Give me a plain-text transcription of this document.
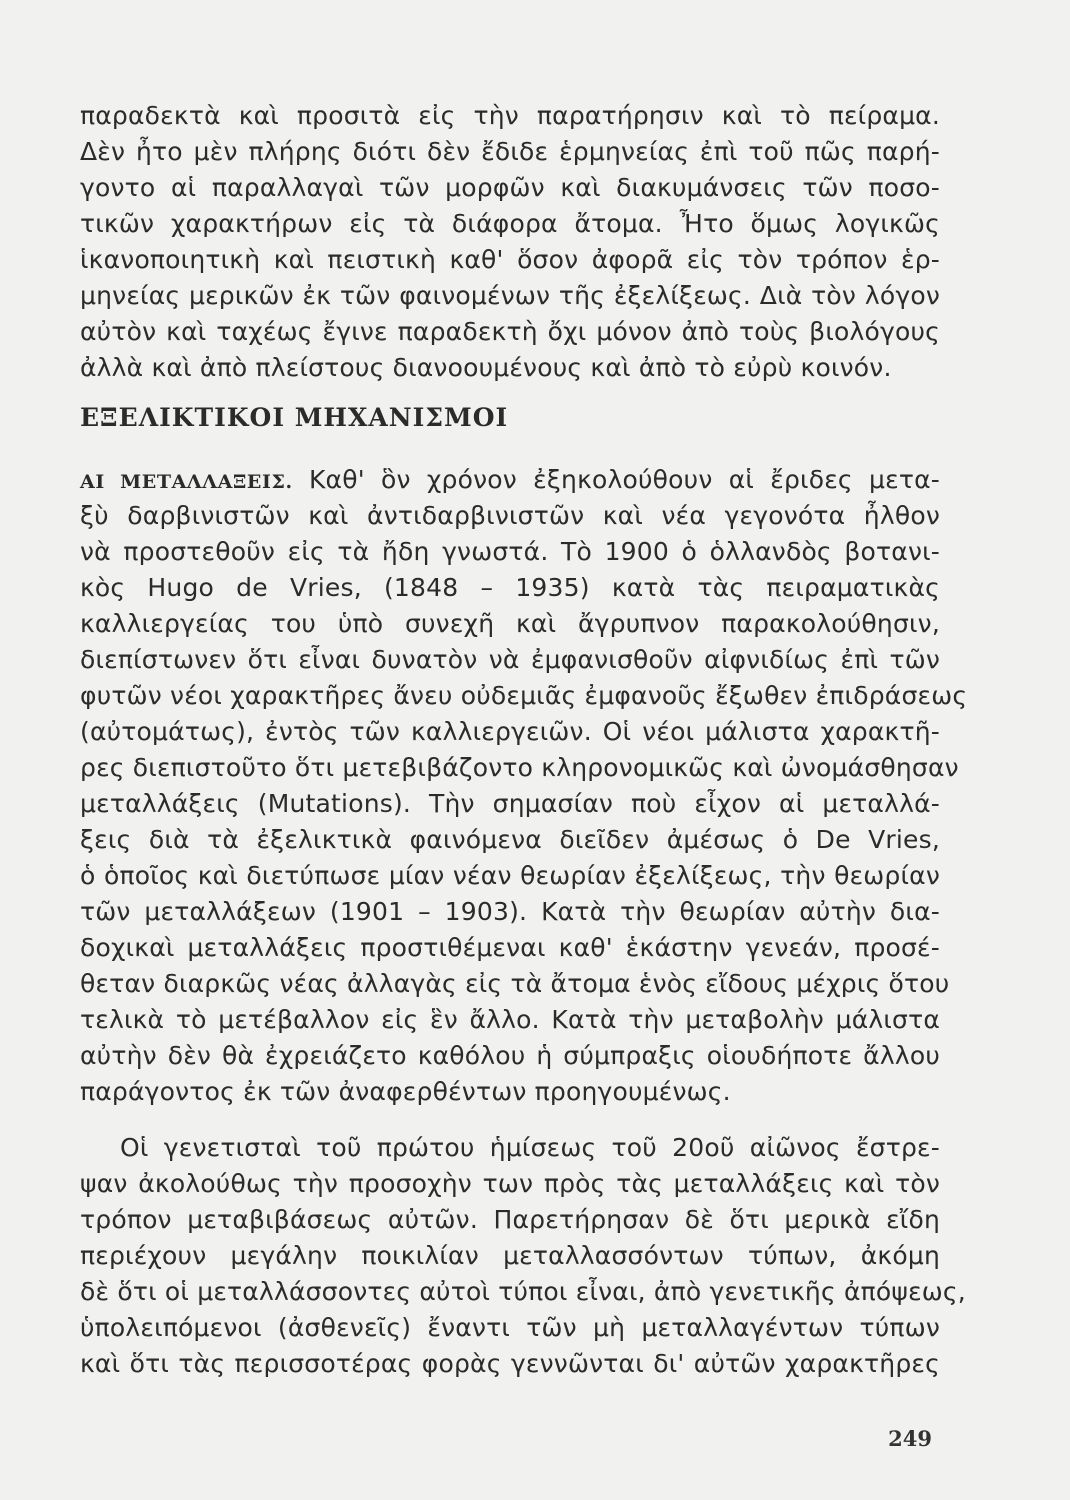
παραδεκτὰ καὶ προσιτὰ εἰς τὴν παρατήρησιν καὶ τὸ πείραμα.
Δὲν ἦτο μὲν πλήρης διότι δὲν ἔδιδε ἑρμηνείας ἐπὶ τοῦ πῶς παρή-
γοντο αἱ παραλλαγαὶ τῶν μορφῶν καὶ διακυμάνσεις τῶν ποσο-
τικῶν χαρακτήρων εἰς τὰ διάφορα ἄτομα. Ἦτο ὅμως λογικῶς
ἱκανοποιητικὴ καὶ πειστικὴ καθ' ὅσον ἀφορᾶ εἰς τὸν τρόπον ἑρ-
μηνείας μερικῶν ἐκ τῶν φαινομένων τῆς ἐξελίξεως. Διὰ τὸν λόγον
αὐτὸν καὶ ταχέως ἔγινε παραδεκτὴ ὄχι μόνον ἀπὸ τοὺς βιολόγους
ἀλλὰ καὶ ἀπὸ πλείστους διανοουμένους καὶ ἀπὸ τὸ εὐρὺ κοινόν.
ΕΞΕΛΙΚΤΙΚΟΙ ΜΗΧΑΝΙΣΜΟΙ
ΑΙ ΜΕΤΑΛΛΑΞΕΙΣ. Καθ' ὃν χρόνον ἐξηκολούθουν αἱ ἔριδες μετα-
ξὺ δαρβινιστῶν καὶ ἀντιδαρβινιστῶν καὶ νέα γεγονότα ἦλθον
νὰ προστεθοῦν εἰς τὰ ἤδη γνωστά. Τὸ 1900 ὁ ὁλλανδὸς βοτανι-
κὸς Hugo de Vries, (1848 – 1935) κατὰ τὰς πειραματικὰς
καλλιεργείας του ὑπὸ συνεχῆ καὶ ἄγρυπνον παρακολούθησιν,
διεπίστωνεν ὅτι εἶναι δυνατὸν νὰ ἐμφανισθοῦν αἰφνιδίως ἐπὶ τῶν
φυτῶν νέοι χαρακτῆρες ἄνευ οὐδεμιᾶς ἐμφανοῦς ἔξωθεν ἐπιδράσεως
(αὐτομάτως), ἐντὸς τῶν καλλιεργειῶν. Οἱ νέοι μάλιστα χαρακτῆ-
ρες διεπιστοῦτο ὅτι μετεβιβάζοντο κληρονομικῶς καὶ ὠνομάσθησαν
μεταλλάξεις (Mutations). Τὴν σημασίαν ποὺ εἶχον αἱ μεταλλά-
ξεις διὰ τὰ ἐξελικτικὰ φαινόμενα διεῖδεν ἀμέσως ὁ De Vries,
ὁ ὁποῖος καὶ διετύπωσε μίαν νέαν θεωρίαν ἐξελίξεως, τὴν θεωρίαν
τῶν μεταλλάξεων (1901 – 1903). Κατὰ τὴν θεωρίαν αὐτὴν δια-
δοχικαὶ μεταλλάξεις προστιθέμεναι καθ' ἑκάστην γενεάν, προσέ-
θεταν διαρκῶς νέας ἀλλαγὰς εἰς τὰ ἄτομα ἑνὸς εἴδους μέχρις ὅτου
τελικὰ τὸ μετέβαλλον εἰς ἓν ἄλλο. Κατὰ τὴν μεταβολὴν μάλιστα
αὐτὴν δὲν θὰ ἐχρειάζετο καθόλου ἡ σύμπραξις οἱουδήποτε ἄλλου
παράγοντος ἐκ τῶν ἀναφερθέντων προηγουμένως.
Οἱ γενετισταὶ τοῦ πρώτου ἡμίσεως τοῦ 20οῦ αἰῶνος ἔστρε-
ψαν ἀκολούθως τὴν προσοχὴν των πρὸς τὰς μεταλλάξεις καὶ τὸν
τρόπον μεταβιβάσεως αὐτῶν. Παρετήρησαν δὲ ὅτι μερικὰ εἴδη
περιέχουν μεγάλην ποικιλίαν μεταλλασσόντων τύπων, ἀκόμη
δὲ ὅτι οἱ μεταλλάσσοντες αὐτοὶ τύποι εἶναι, ἀπὸ γενετικῆς ἀπόψεως,
ὑπολειπόμενοι (ἀσθενεῖς) ἔναντι τῶν μὴ μεταλλαγέντων τύπων
καὶ ὅτι τὰς περισσοτέρας φορὰς γεννῶνται δι' αὐτῶν χαρακτῆρες
249
